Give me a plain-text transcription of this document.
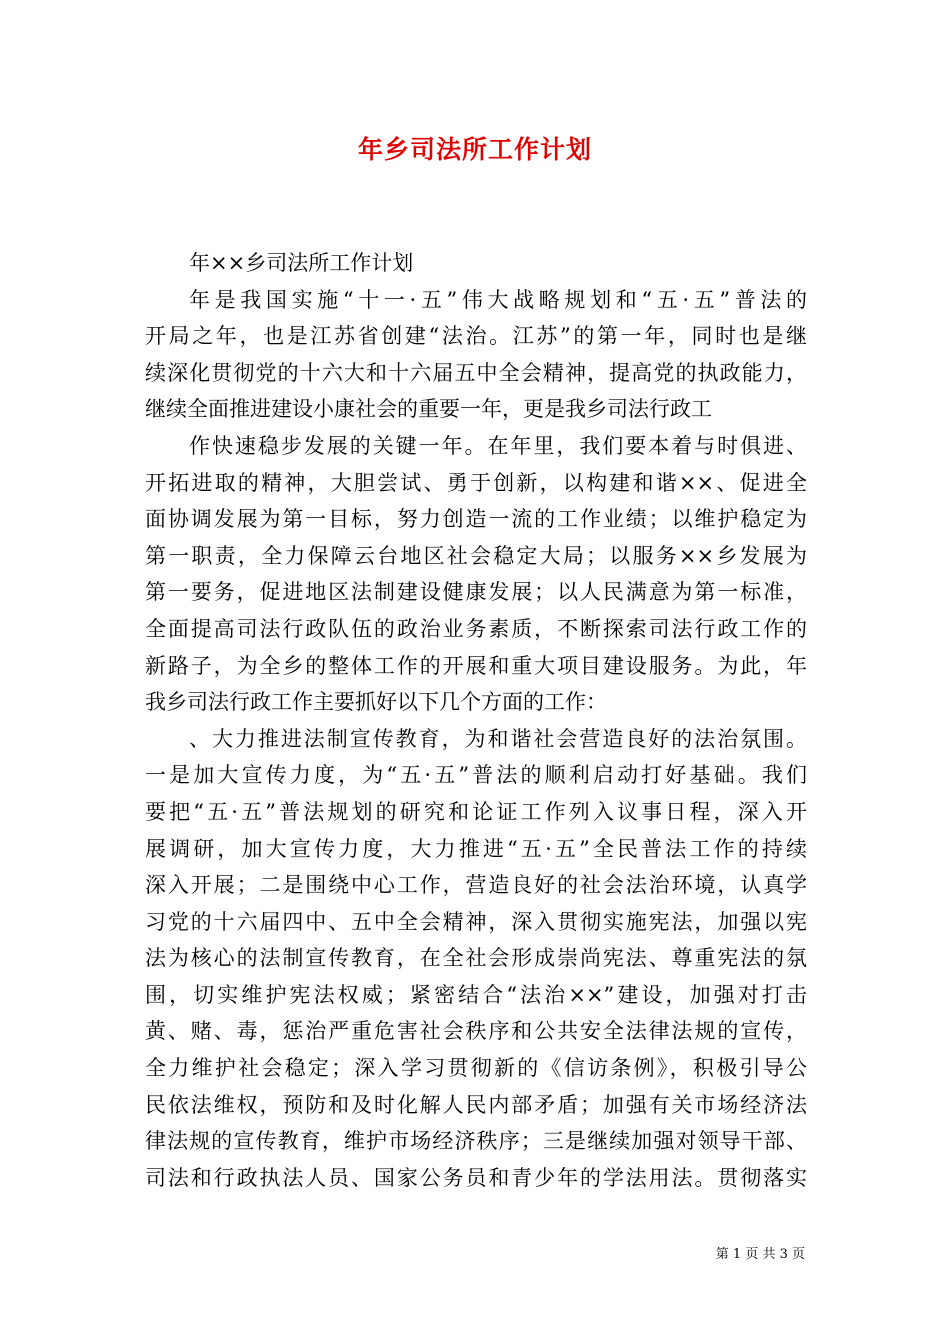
年乡司法所工作计划
年××乡司法所工作计划
年是我国实施“十一·五”伟大战略规划和“五·五”普法的
开局之年，也是江苏省创建“法治。江苏”的第一年，同时也是继
续深化贯彻党的十六大和十六届五中全会精神，提高党的执政能力，
继续全面推进建设小康社会的重要一年，更是我乡司法行政工
作快速稳步发展的关键一年。在年里，我们要本着与时俱进、
开拓进取的精神，大胆尝试、勇于创新，以构建和谐××、促进全
面协调发展为第一目标，努力创造一流的工作业绩；以维护稳定为
第一职责，全力保障云台地区社会稳定大局；以服务××乡发展为
第一要务，促进地区法制建设健康发展；以人民满意为第一标准，
全面提高司法行政队伍的政治业务素质，不断探索司法行政工作的
新路子，为全乡的整体工作的开展和重大项目建设服务。为此，年
我乡司法行政工作主要抓好以下几个方面的工作：
、大力推进法制宣传教育，为和谐社会营造良好的法治氛围。
一是加大宣传力度，为“五·五”普法的顺利启动打好基础。我们
要把“五·五”普法规划的研究和论证工作列入议事日程，深入开
展调研，加大宣传力度，大力推进“五·五”全民普法工作的持续
深入开展；二是围绕中心工作，营造良好的社会法治环境，认真学
习党的十六届四中、五中全会精神，深入贯彻实施宪法，加强以宪
法为核心的法制宣传教育，在全社会形成崇尚宪法、尊重宪法的氛
围，切实维护宪法权威；紧密结合“法治××”建设，加强对打击
黄、赌、毒，惩治严重危害社会秩序和公共安全法律法规的宣传，
全力维护社会稳定；深入学习贯彻新的《信访条例》，积极引导公
民依法维权，预防和及时化解人民内部矛盾；加强有关市场经济法
律法规的宣传教育，维护市场经济秩序；三是继续加强对领导干部、
司法和行政执法人员、国家公务员和青少年的学法用法。贯彻落实
第 1 页 共 3 页
